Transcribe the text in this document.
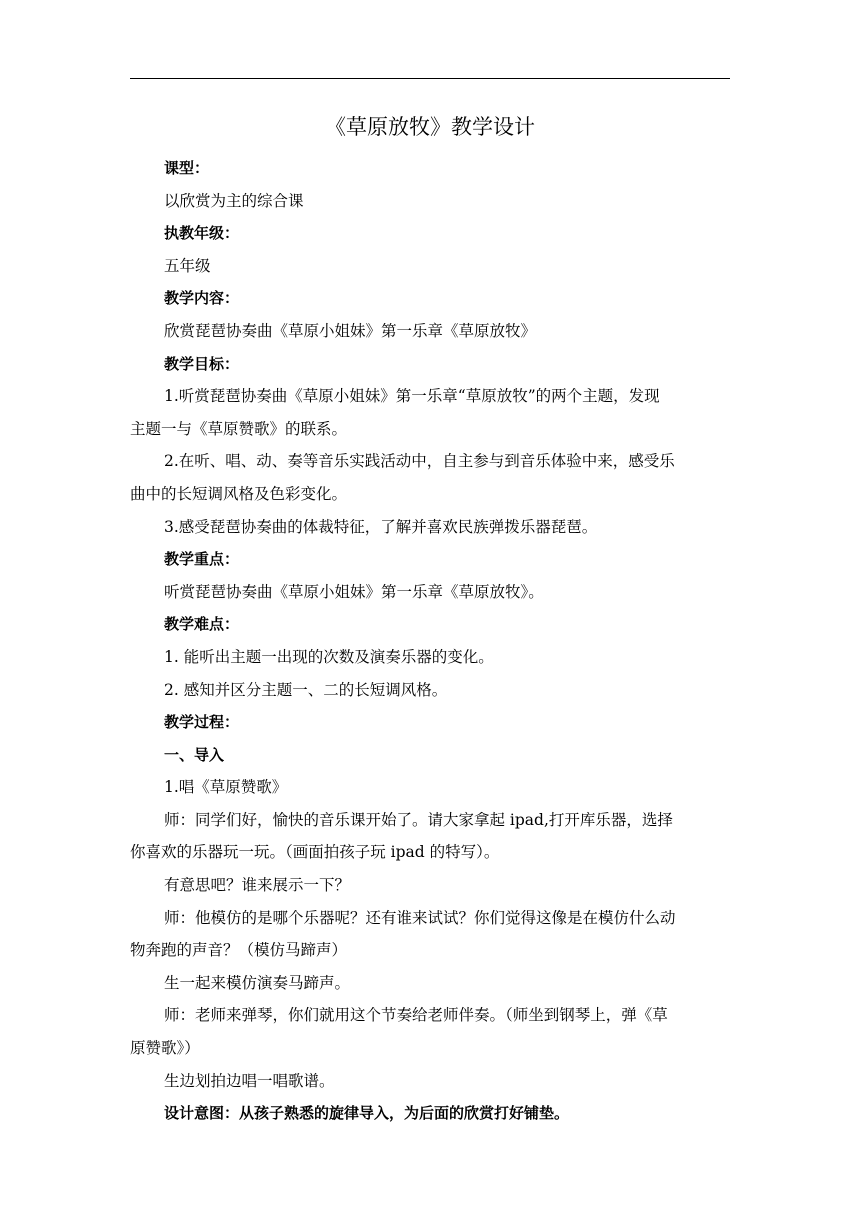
《草原放牧》教学设计
课型：
以欣赏为主的综合课
执教年级：
五年级
教学内容：
欣赏琵琶协奏曲《草原小姐妹》第一乐章《草原放牧》
教学目标：
1.听赏琵琶协奏曲《草原小姐妹》第一乐章“草原放牧”的两个主题，发现
主题一与《草原赞歌》的联系。
2.在听、唱、动、奏等音乐实践活动中，自主参与到音乐体验中来，感受乐
曲中的长短调风格及色彩变化。
3.感受琵琶协奏曲的体裁特征，了解并喜欢民族弹拨乐器琵琶。
教学重点：
听赏琵琶协奏曲《草原小姐妹》第一乐章《草原放牧》。
教学难点：
1. 能听出主题一出现的次数及演奏乐器的变化。
2. 感知并区分主题一、二的长短调风格。
教学过程：
一、导入
1.唱《草原赞歌》
师：同学们好，愉快的音乐课开始了。请大家拿起 ipad,打开库乐器，选择
你喜欢的乐器玩一玩。（画面拍孩子玩 ipad 的特写）。
有意思吧？谁来展示一下？
师：他模仿的是哪个乐器呢？还有谁来试试？你们觉得这像是在模仿什么动
物奔跑的声音？（模仿马蹄声）
生一起来模仿演奏马蹄声。
师：老师来弹琴，你们就用这个节奏给老师伴奏。（师坐到钢琴上，弹《草
原赞歌》）
生边划拍边唱一唱歌谱。
设计意图：从孩子熟悉的旋律导入，为后面的欣赏打好铺垫。
